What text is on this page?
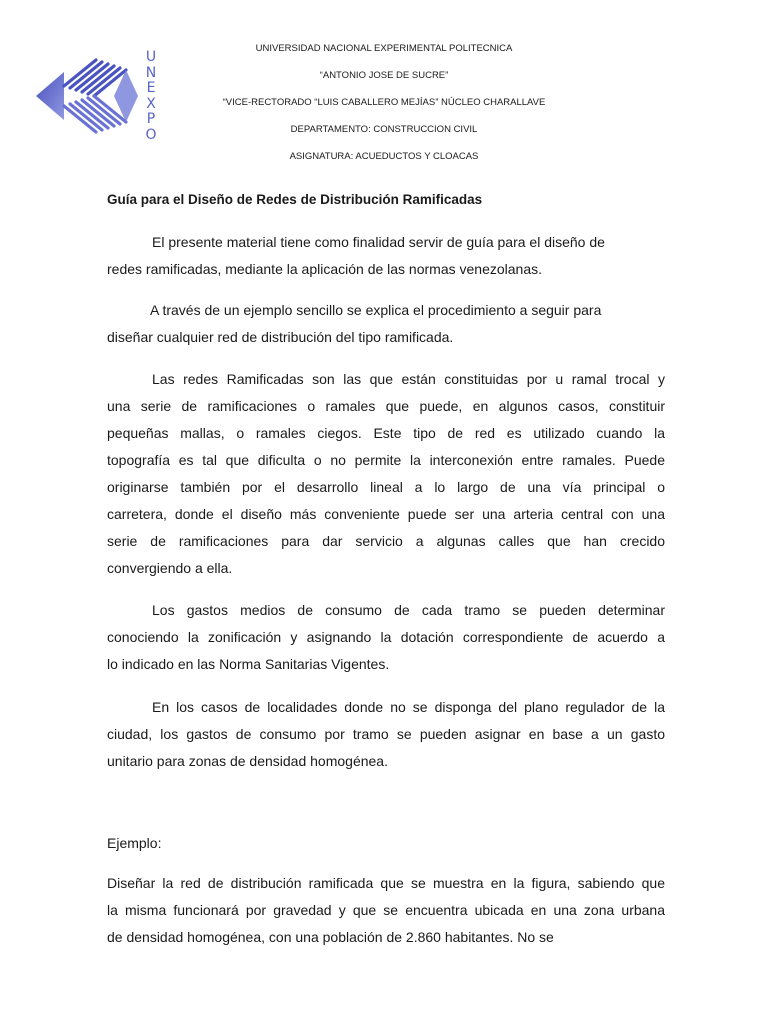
U
N
E
X
P
O
UNIVERSIDAD NACIONAL EXPERIMENTAL POLITECNICA
“ANTONIO JOSE DE SUCRE”
“VICE-RECTORADO “LUIS CABALLERO MEJÍAS” NÚCLEO CHARALLAVE
DEPARTAMENTO: CONSTRUCCION CIVIL
ASIGNATURA: ACUEDUCTOS Y CLOACAS
Guía para el Diseño de Redes de Distribución Ramificadas
El presente material tiene como finalidad servir de guía para el diseño de
redes ramificadas, mediante la aplicación de las normas venezolanas.
A través de un ejemplo sencillo se explica el procedimiento a seguir para
diseñar cualquier red de distribución del tipo ramificada.
Las redes Ramificadas son las que están constituidas por u ramal trocal y
una serie de ramificaciones o ramales que puede, en algunos casos, constituir
pequeñas mallas, o ramales ciegos. Este tipo de red es utilizado cuando la
topografía es tal que dificulta o no permite la interconexión entre ramales. Puede
originarse también por el desarrollo lineal a lo largo de una vía principal o
carretera, donde el diseño más conveniente puede ser una arteria central con una
serie de ramificaciones para dar servicio a algunas calles que han crecido
convergiendo a ella.
Los gastos medios de consumo de cada tramo se pueden determinar
conociendo la zonificación y asignando la dotación correspondiente de acuerdo a
lo indicado en las Norma Sanitarias Vigentes.
En los casos de localidades donde no se disponga del plano regulador de la
ciudad, los gastos de consumo por tramo se pueden asignar en base a un gasto
unitario para zonas de densidad homogénea.
Ejemplo:
Diseñar la red de distribución ramificada que se muestra en la figura, sabiendo que
la misma funcionará por gravedad y que se encuentra ubicada en una zona urbana
de densidad homogénea, con una población de 2.860 habitantes. No se
